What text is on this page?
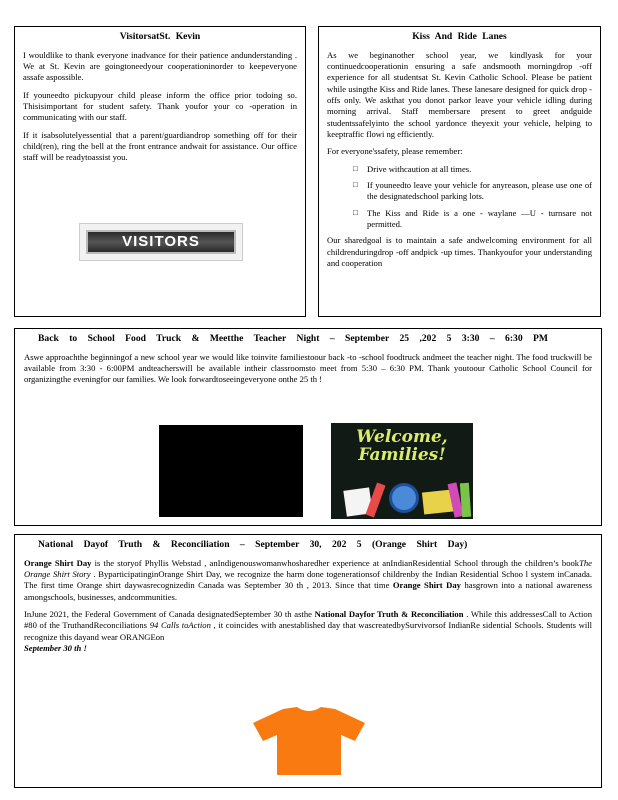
VisitorsatSt. Kevin

I wouldlike to thank everyone inadvance for their patience andunderstanding . We at St. Kevin are goingtoneedyour cooperationinorder to keepeveryone assafe aspossible.

If youneedto pickupyour child please inform the office prior todoing so. Thisisimportant for student safety. Thank youfor your co -operation in communicating with our staff.

If it isabsolutelyessential that a parent/guardiandrop something off for their child(ren), ring the bell at the front entrance andwait for assistance. Our office staff will be readytoassist you.

VISITORS
Kiss And Ride Lanes

As we beginanother school year, we kindlyask for your continuedcooperationin ensuring a safe andsmooth morningdrop -off experience for all studentsat St. Kevin Catholic School. Please be patient while usingthe Kiss and Ride lanes. These lanesare designed for quick drop -offs only. We askthat you donot parkor leave your vehicle idling during morning arrival. Staff membersare present to greet andguide studentssafelyinto the school yardonce theyexit your vehicle, helping to keeptraffic flowi ng efficiently.

For everyone'ssafety, please remember:

□ Drive withcaution at all times.
□ If youneedto leave your vehicle for anyreason, please use one of the designatedschool parking lots.
□ The Kiss and Ride is a one - waylane —U - turnsare not permitted.

Our sharedgoal is to maintain a safe andwelcoming environment for all childrenduringdrop -off andpick -up times. Thankyoufor your understanding and cooperation

Back to School Food Truck & Meetthe Teacher Night – September 25 ,202 5 3:30 – 6:30 PM

Aswe approachthe beginningof a new school year we would like toinvite familiestoour back -to -school foodtruck andmeet the teacher night. The food truckwill be available from 3:30 - 6:00PM andteacherswill be available intheir classroomsto meet from 5:30 – 6:30 PM. Thank youtoour Catholic School Council for organizingthe eveningfor our families. We look forwardtoseeingeveryone onthe 25 th !

Welcome,
Families!
National Dayof Truth & Reconciliation – September 30, 202 5 (Orange Shirt Day)

Orange Shirt Day is the storyof Phyllis Webstad , anIndigenouswomanwhosharedher experience at anIndianResidential School through the children’s bookThe Orange Shirt Story . ByparticipatinginOrange Shirt Day, we recognize the harm done togenerationsof childrenby the Indian Residential Schoo l system inCanada. The first time Orange shirt daywasrecognizedin Canada was September 30 th , 2013. Since that time Orange Shirt Day hasgrown into a national awareness amongschools, businesses, andcommunities.

InJune 2021, the Federal Government of Canada designatedSeptember 30 th asthe National Dayfor Truth & Reconciliation . While this addressesCall to Action #80 of the TruthandReconciliations 94 Calls toAction , it coincides with anestablished day that wascreatedbySurvivorsof IndianRe sidential Schools. Students will recognize this dayand wear ORANGEon
September 30 th !
